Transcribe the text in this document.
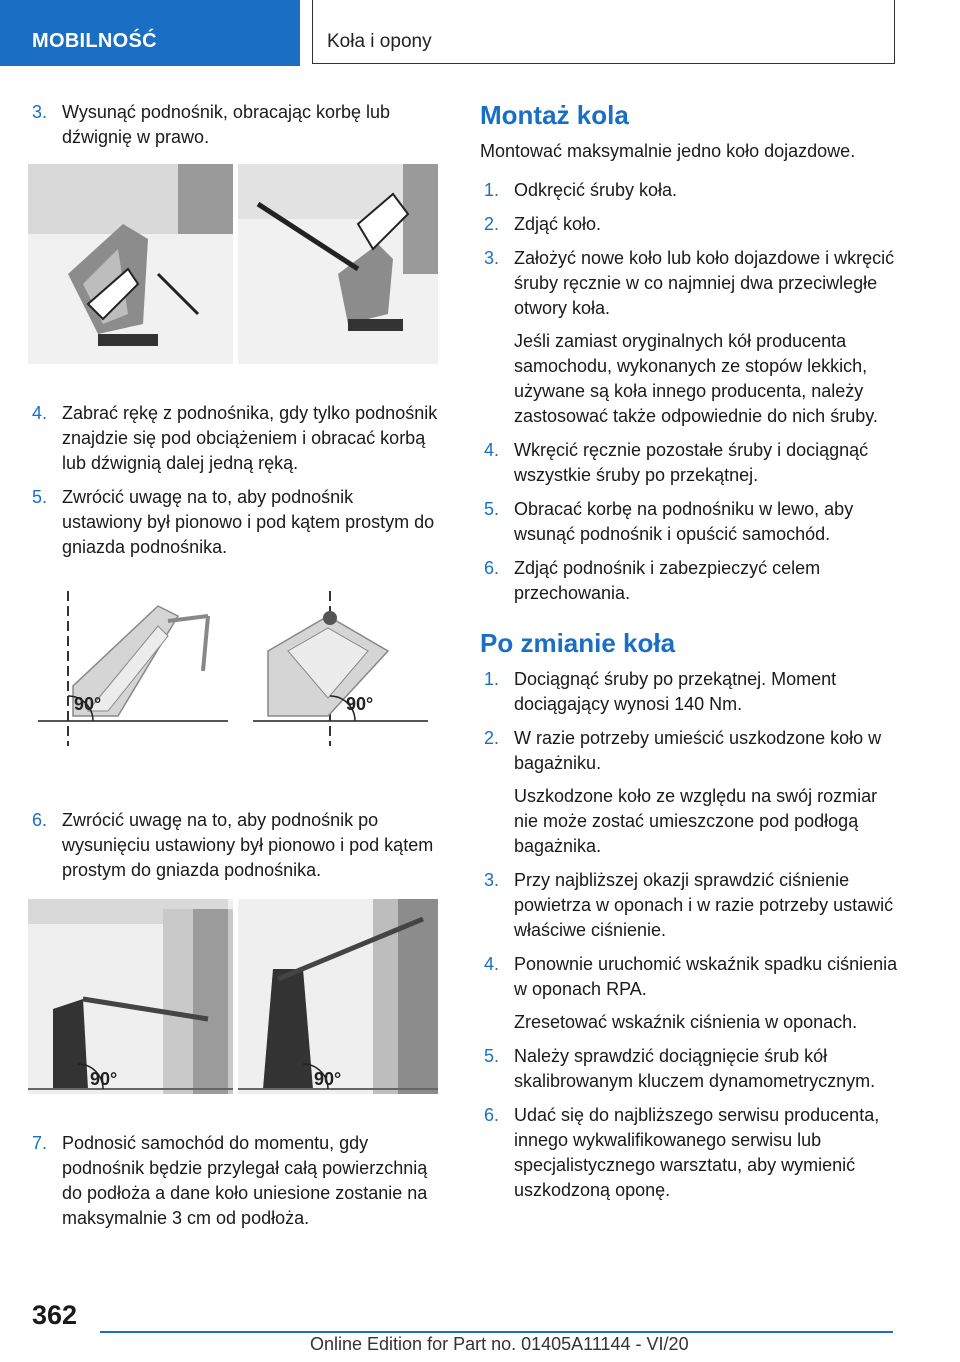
MOBILNOŚĆ	Koła i opony
3. Wysunąć podnośnik, obracając korbę lub dźwignię w prawo.
4. Zabrać rękę z podnośnika, gdy tylko podnośnik znajdzie się pod obciążeniem i obracać korbą lub dźwignią dalej jedną ręką.
5. Zwrócić uwagę na to, aby podnośnik ustawiony był pionowo i pod kątem prostym do gniazda podnośnika.
90°	90°
6. Zwrócić uwagę na to, aby podnośnik po wysunięciu ustawiony był pionowo i pod kątem prostym do gniazda podnośnika.
90°	90°
7. Podnosić samochód do momentu, gdy podnośnik będzie przylegał całą powierzchnią do podłoża a dane koło uniesione zostanie na maksymalnie 3 cm od podłoża.
Montaż kola
Montować maksymalnie jedno koło dojazdowe.
1. Odkręcić śruby koła.
2. Zdjąć koło.
3. Założyć nowe koło lub koło dojazdowe i wkręcić śruby ręcznie w co najmniej dwa przeciwległe otwory koła.
Jeśli zamiast oryginalnych kół producenta samochodu, wykonanych ze stopów lekkich, używane są koła innego producenta, należy zastosować także odpowiednie do nich śruby.
4. Wkręcić ręcznie pozostałe śruby i dociągnąć wszystkie śruby po przekątnej.
5. Obracać korbę na podnośniku w lewo, aby wsunąć podnośnik i opuścić samochód.
6. Zdjąć podnośnik i zabezpieczyć celem przechowania.
Po zmianie koła
1. Dociągnąć śruby po przekątnej. Moment dociągający wynosi 140 Nm.
2. W razie potrzeby umieścić uszkodzone koło w bagażniku.
Uszkodzone koło ze względu na swój rozmiar nie może zostać umieszczone pod podłogą bagażnika.
3. Przy najbliższej okazji sprawdzić ciśnienie powietrza w oponach i w razie potrzeby ustawić właściwe ciśnienie.
4. Ponownie uruchomić wskaźnik spadku ciśnienia w oponach RPA.
Zresetować wskaźnik ciśnienia w oponach.
5. Należy sprawdzić dociągnięcie śrub kół skalibrowanym kluczem dynamometrycznym.
6. Udać się do najbliższego serwisu producenta, innego wykwalifikowanego serwisu lub specjalistycznego warsztatu, aby wymienić uszkodzoną oponę.
362
Online Edition for Part no. 01405A11144 - VI/20
